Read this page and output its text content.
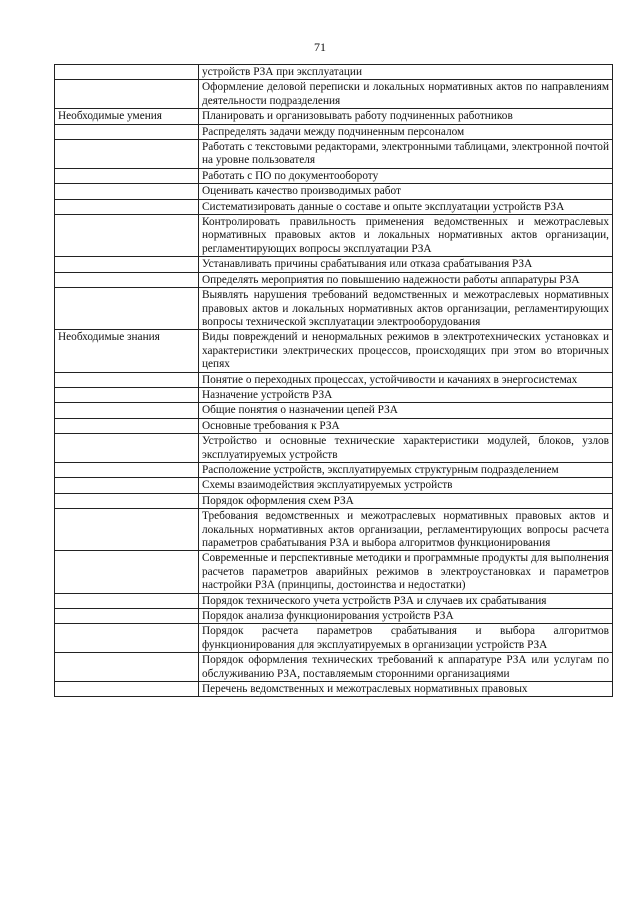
71
	устройств РЗА при эксплуатации
	Оформление деловой переписки и локальных нормативных актов по направлениям деятельности подразделения
Необходимые умения	Планировать и организовывать работу подчиненных работников
	Распределять задачи между подчиненным персоналом
	Работать с текстовыми редакторами, электронными таблицами, электронной почтой на уровне пользователя
	Работать с ПО по документообороту
	Оценивать качество производимых работ
	Систематизировать данные о составе и опыте эксплуатации устройств РЗА
	Контролировать правильность применения ведомственных и межотраслевых нормативных правовых актов и локальных нормативных актов организации, регламентирующих вопросы эксплуатации РЗА
	Устанавливать причины срабатывания или отказа срабатывания РЗА
	Определять мероприятия по повышению надежности работы аппаратуры РЗА
	Выявлять нарушения требований ведомственных и межотраслевых нормативных правовых актов и локальных нормативных актов организации, регламентирующих вопросы технической эксплуатации электрооборудования
Необходимые знания	Виды повреждений и ненормальных режимов в электротехнических установках и характеристики электрических процессов, происходящих при этом во вторичных цепях
	Понятие о переходных процессах, устойчивости и качаниях в энергосистемах
	Назначение устройств РЗА
	Общие понятия о назначении цепей РЗА
	Основные требования к РЗА
	Устройство и основные технические характеристики модулей, блоков, узлов эксплуатируемых устройств
	Расположение устройств, эксплуатируемых структурным подразделением
	Схемы взаимодействия эксплуатируемых устройств
	Порядок оформления схем РЗА
	Требования ведомственных и межотраслевых нормативных правовых актов и локальных нормативных актов организации, регламентирующих вопросы расчета параметров срабатывания РЗА и выбора алгоритмов функционирования
	Современные и перспективные методики и программные продукты для выполнения расчетов параметров аварийных режимов в электроустановках и параметров настройки РЗА (принципы, достоинства и недостатки)
	Порядок технического учета устройств РЗА и случаев их срабатывания
	Порядок анализа функционирования устройств РЗА
	Порядок расчета параметров срабатывания и выбора алгоритмов функционирования для эксплуатируемых в организации устройств РЗА
	Порядок оформления технических требований к аппаратуре РЗА или услугам по обслуживанию РЗА, поставляемым сторонними организациями
	Перечень ведомственных и межотраслевых нормативных правовых
